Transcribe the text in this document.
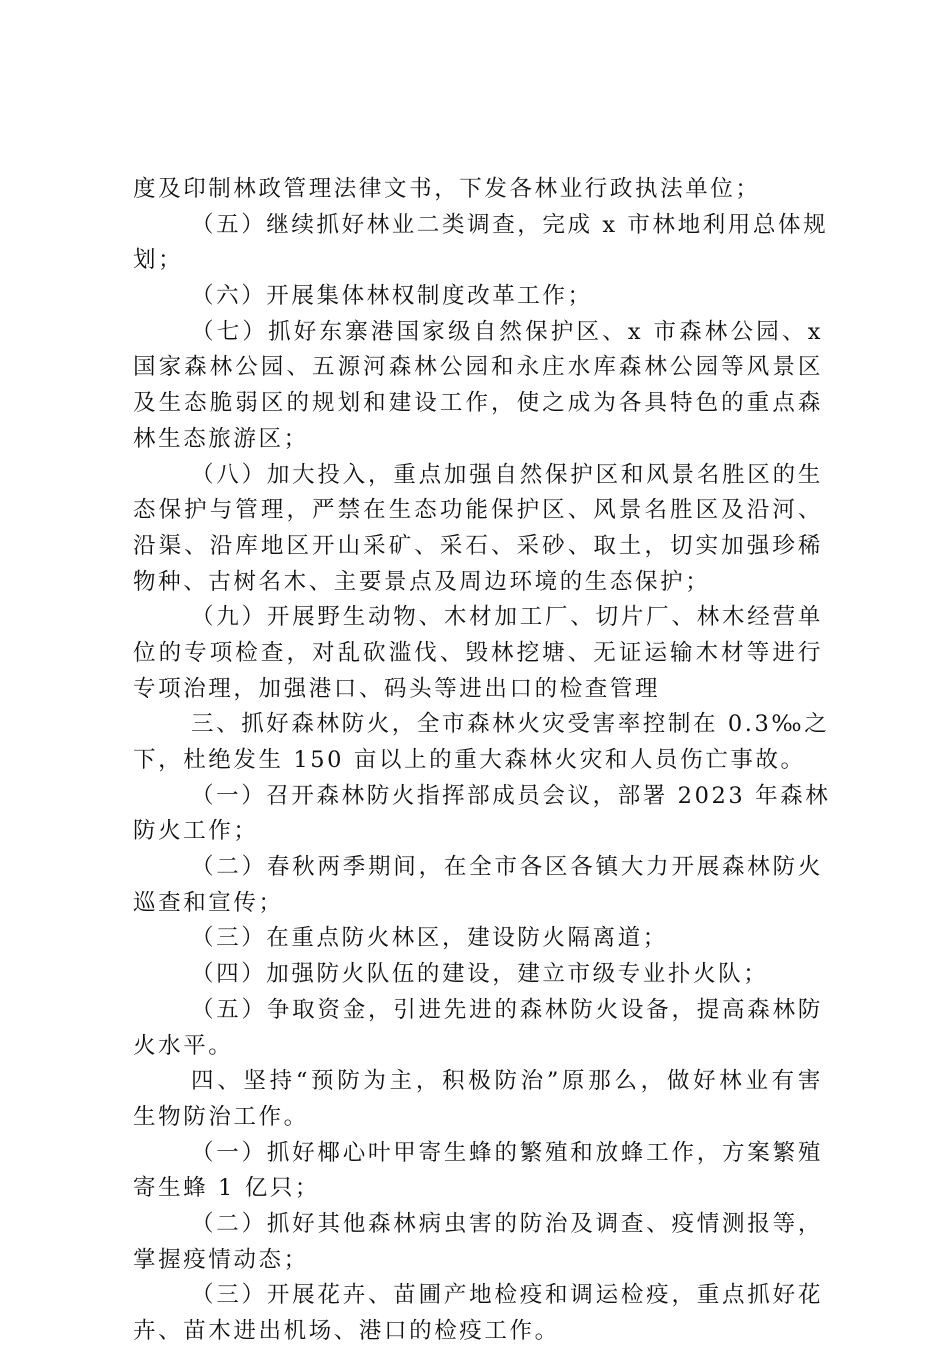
度及印制林政管理法律文书，下发各林业行政执法单位；
（五）继续抓好林业二类调查，完成 x 市林地利用总体规
划；
（六）开展集体林权制度改革工作；
（七）抓好东寨港国家级自然保护区、x 市森林公园、x
国家森林公园、五源河森林公园和永庄水库森林公园等风景区
及生态脆弱区的规划和建设工作，使之成为各具特色的重点森
林生态旅游区；
（八）加大投入，重点加强自然保护区和风景名胜区的生
态保护与管理，严禁在生态功能保护区、风景名胜区及沿河、
沿渠、沿库地区开山采矿、采石、采砂、取土，切实加强珍稀
物种、古树名木、主要景点及周边环境的生态保护；
（九）开展野生动物、木材加工厂、切片厂、林木经营单
位的专项检查，对乱砍滥伐、毁林挖塘、无证运输木材等进行
专项治理，加强港口、码头等进出口的检查管理
三、抓好森林防火，全市森林火灾受害率控制在 0.3‰之
下，杜绝发生 150 亩以上的重大森林火灾和人员伤亡事故。
（一）召开森林防火指挥部成员会议，部署 2023 年森林
防火工作；
（二）春秋两季期间，在全市各区各镇大力开展森林防火
巡查和宣传；
（三）在重点防火林区，建设防火隔离道；
（四）加强防火队伍的建设，建立市级专业扑火队；
（五）争取资金，引进先进的森林防火设备，提高森林防
火水平。
四、坚持“预防为主，积极防治”原那么，做好林业有害
生物防治工作。
（一）抓好椰心叶甲寄生蜂的繁殖和放蜂工作，方案繁殖
寄生蜂 1 亿只；
（二）抓好其他森林病虫害的防治及调查、疫情测报等，
掌握疫情动态；
（三）开展花卉、苗圃产地检疫和调运检疫，重点抓好花
卉、苗木进出机场、港口的检疫工作。
